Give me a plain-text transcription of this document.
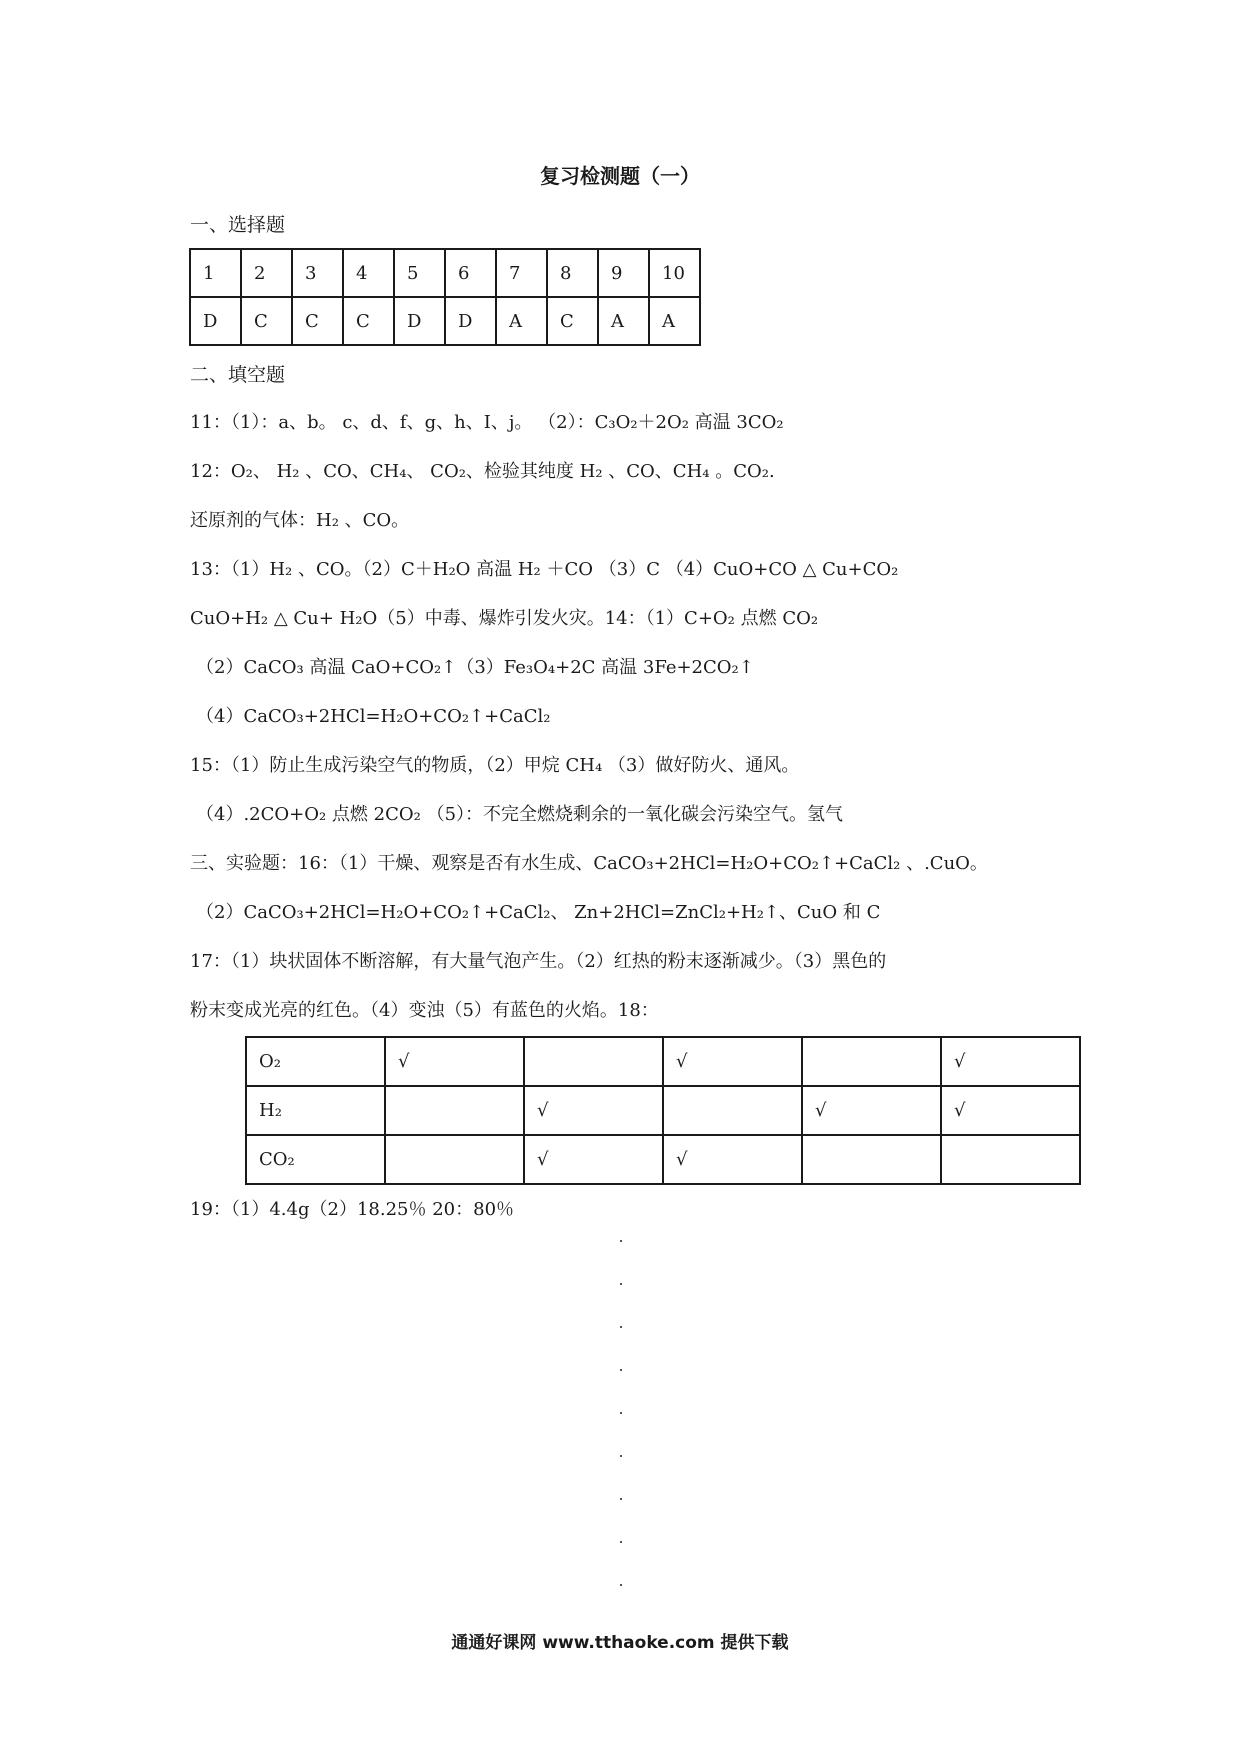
复习检测题（一）
一、选择题
1	2	3	4	5	6	7	8	9	10
D	C	C	C	D	D	A	C	A	A
二、填空题
11：（1）：a、b。 c、d、f、g、h、I、j。 （2）：C₃O₂＋2O₂ 高温 3CO₂
12：O₂、 H₂ 、CO、CH₄、 CO₂、检验其纯度 H₂ 、CO、CH₄ 。CO₂.
还原剂的气体：H₂ 、CO。
13：（1）H₂ 、CO。（2）C＋H₂O 高温 H₂ ＋CO （3）C （4）CuO+CO △ Cu+CO₂
CuO+H₂ △ Cu+ H₂O（5）中毒、爆炸引发火灾。14：（1）C+O₂ 点燃 CO₂
（2）CaCO₃ 高温 CaO+CO₂↑（3）Fe₃O₄+2C 高温 3Fe+2CO₂↑
（4）CaCO₃+2HCl=H₂O+CO₂↑+CaCl₂
15：（1）防止生成污染空气的物质，（2）甲烷 CH₄ （3）做好防火、通风。
（4）.2CO+O₂ 点燃 2CO₂ （5）：不完全燃烧剩余的一氧化碳会污染空气。氢气
三、实验题：16：（1）干燥、观察是否有水生成、CaCO₃+2HCl=H₂O+CO₂↑+CaCl₂ 、.CuO。
（2）CaCO₃+2HCl=H₂O+CO₂↑+CaCl₂、 Zn+2HCl=ZnCl₂+H₂↑、CuO 和 C
17：（1）块状固体不断溶解，有大量气泡产生。（2）红热的粉末逐渐减少。（3）黑色的
粉末变成光亮的红色。（4）变浊（5）有蓝色的火焰。18：
O₂	√		√		√
H₂		√		√	√
CO₂		√	√		
19：（1）4.4g（2）18.25％ 20：80％
通通好课网 www.tthaoke.com 提供下载
